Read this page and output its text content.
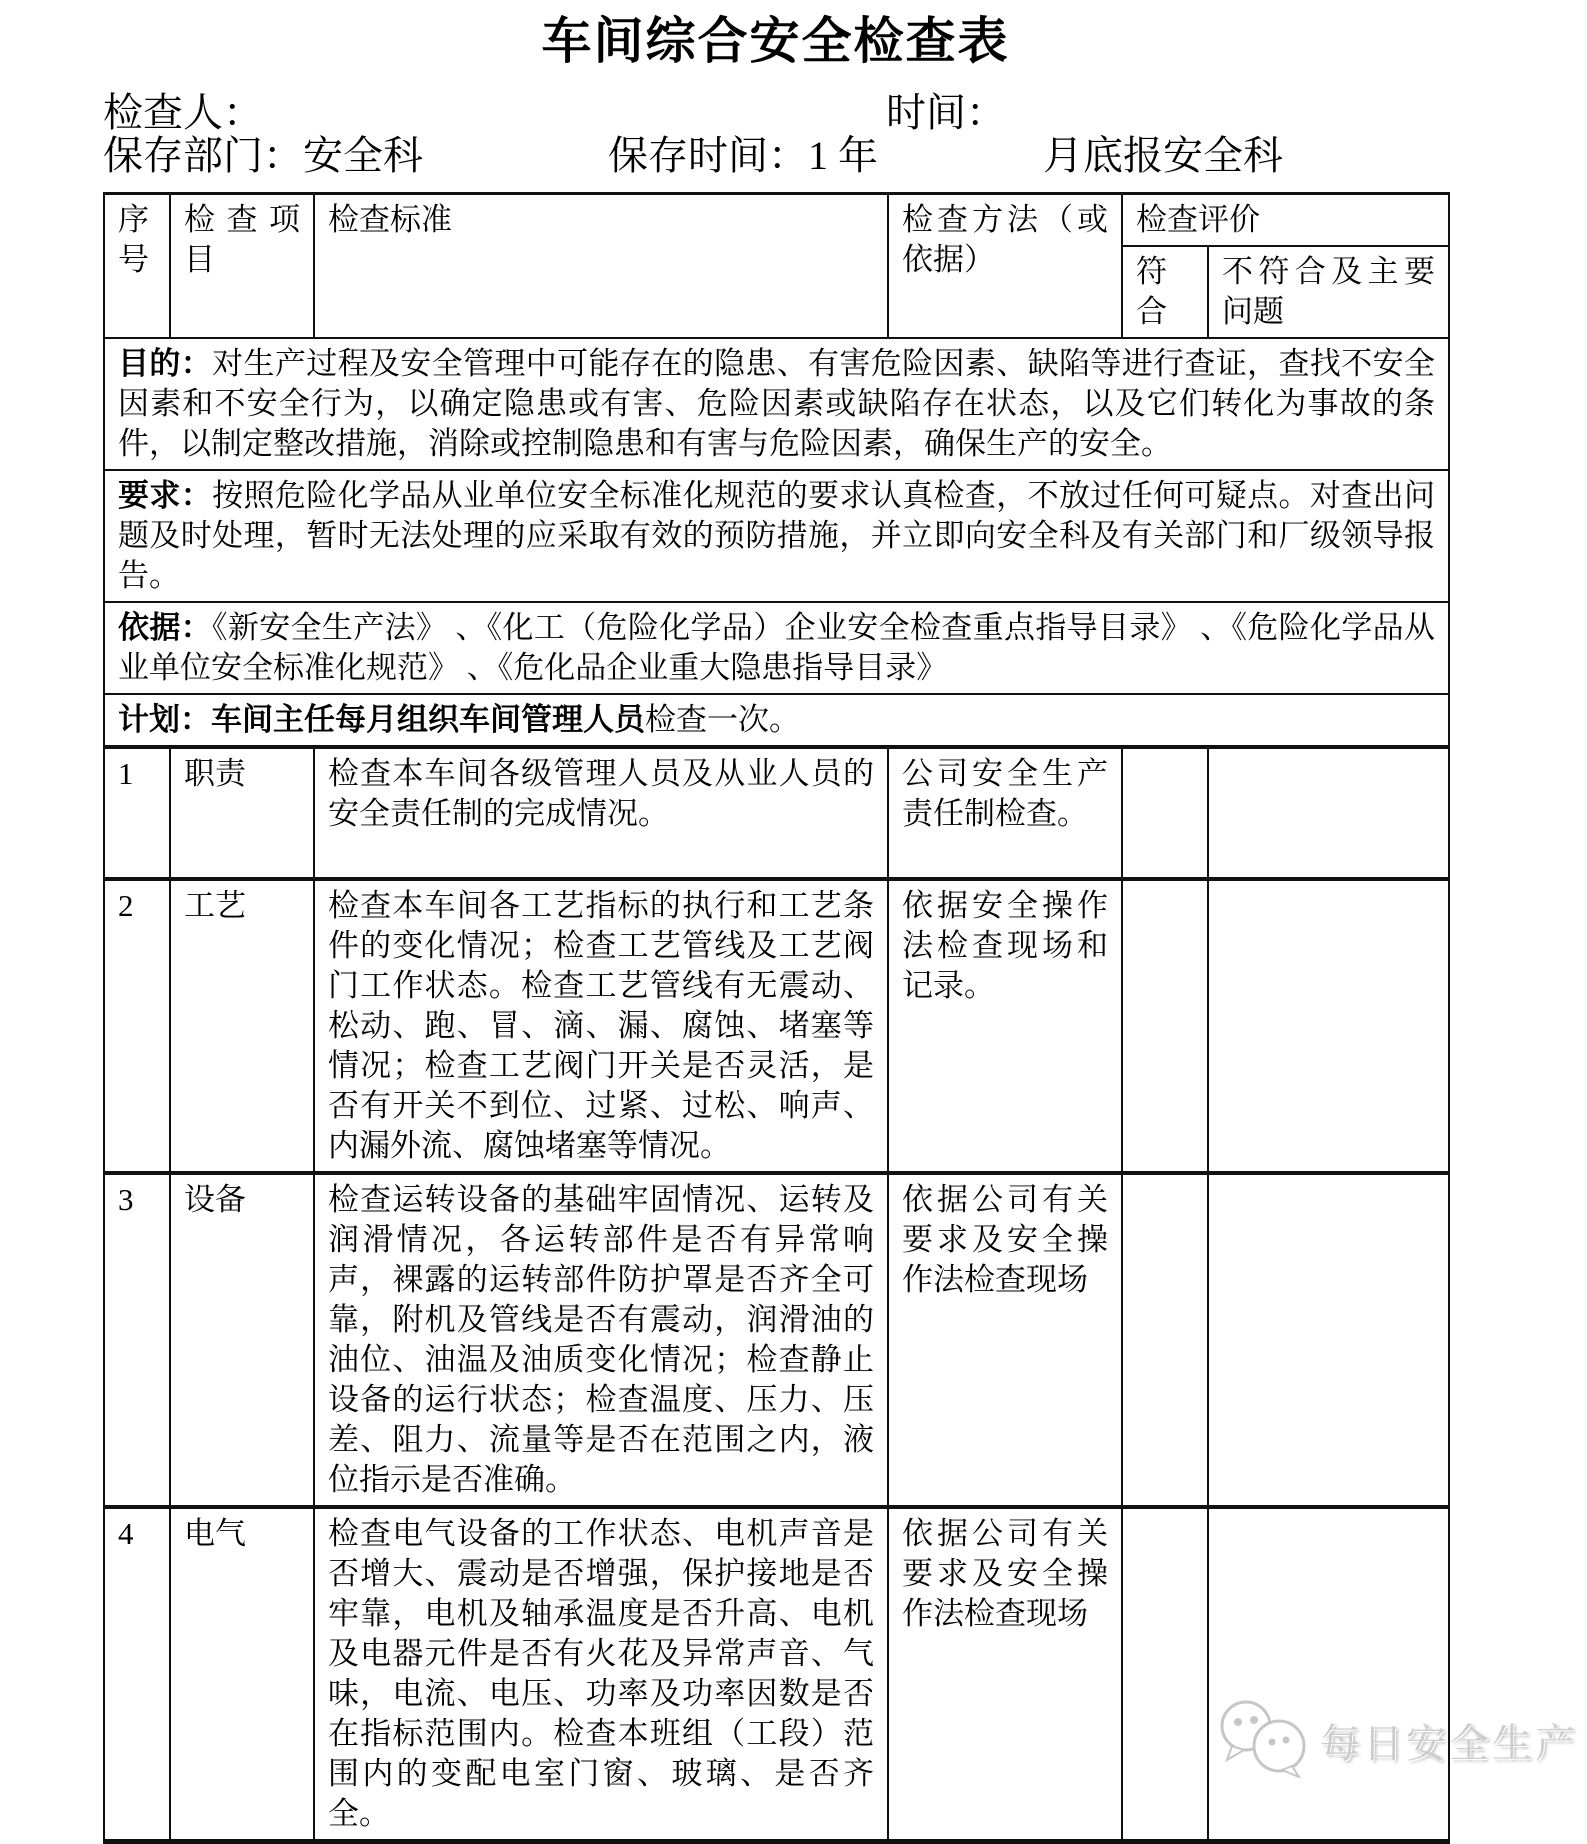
车间综合安全检查表
检查人：	时间：
保存部门：安全科	保存时间：1 年	月底报安全科
目的：对生产过程及安全管理中可能存在的隐患、有害危险因素、缺陷等进行查证，查找不安全因素和不安全行为，以确定隐患或有害、危险因素或缺陷存在状态，以及它们转化为事故的条件，以制定整改措施，消除或控制隐患和有害与危险因素，确保生产的安全。					
要求：按照危险化学品从业单位安全标准化规范的要求认真检查，不放过任何可疑点。对查出问题及时处理，暂时无法处理的应采取有效的预防措施，并立即向安全科及有关部门和厂级领导报告。					
依据：《新安全生产法》 、《化工（危险化学品）企业安全检查重点指导目录》 、《危险化学品从业单位安全标准化规范》 、《危化品企业重大隐患指导目录》					
计划：车间主任每月组织车间管理人员检查一次。					
序号	检查项目	检查标准	检查方法（或依据）	检查评价	
				符合	不符合及主要问题
1	职责	检查本车间各级管理人员及从业人员的安全责任制的完成情况。	公司安全生产责任制检查。		
2	工艺	检查本车间各工艺指标的执行和工艺条件的变化情况；检查工艺管线及工艺阀门工作状态。检查工艺管线有无震动、松动、跑、冒、滴、漏、腐蚀、堵塞等情况；检查工艺阀门开关是否灵活，是否有开关不到位、过紧、过松、响声、内漏外流、腐蚀堵塞等情况。	依据安全操作法检查现场和记录。		
3	设备	检查运转设备的基础牢固情况、运转及润滑情况，各运转部件是否有异常响声，裸露的运转部件防护罩是否齐全可靠，附机及管线是否有震动，润滑油的油位、油温及油质变化情况；检查静止设备的运行状态；检查温度、压力、压差、阻力、流量等是否在范围之内，液位指示是否准确。	依据公司有关要求及安全操作法检查现场		
4	电气	检查电气设备的工作状态、电机声音是否增大、震动是否增强，保护接地是否牢靠，电机及轴承温度是否升高、电机及电器元件是否有火花及异常声音、气味，电流、电压、功率及功率因数是否在指标范围内。检查本班组（工段）范围内的变配电室门窗、玻璃、是否齐全。	依据公司有关要求及安全操作法检查现场		
每日安全生产
